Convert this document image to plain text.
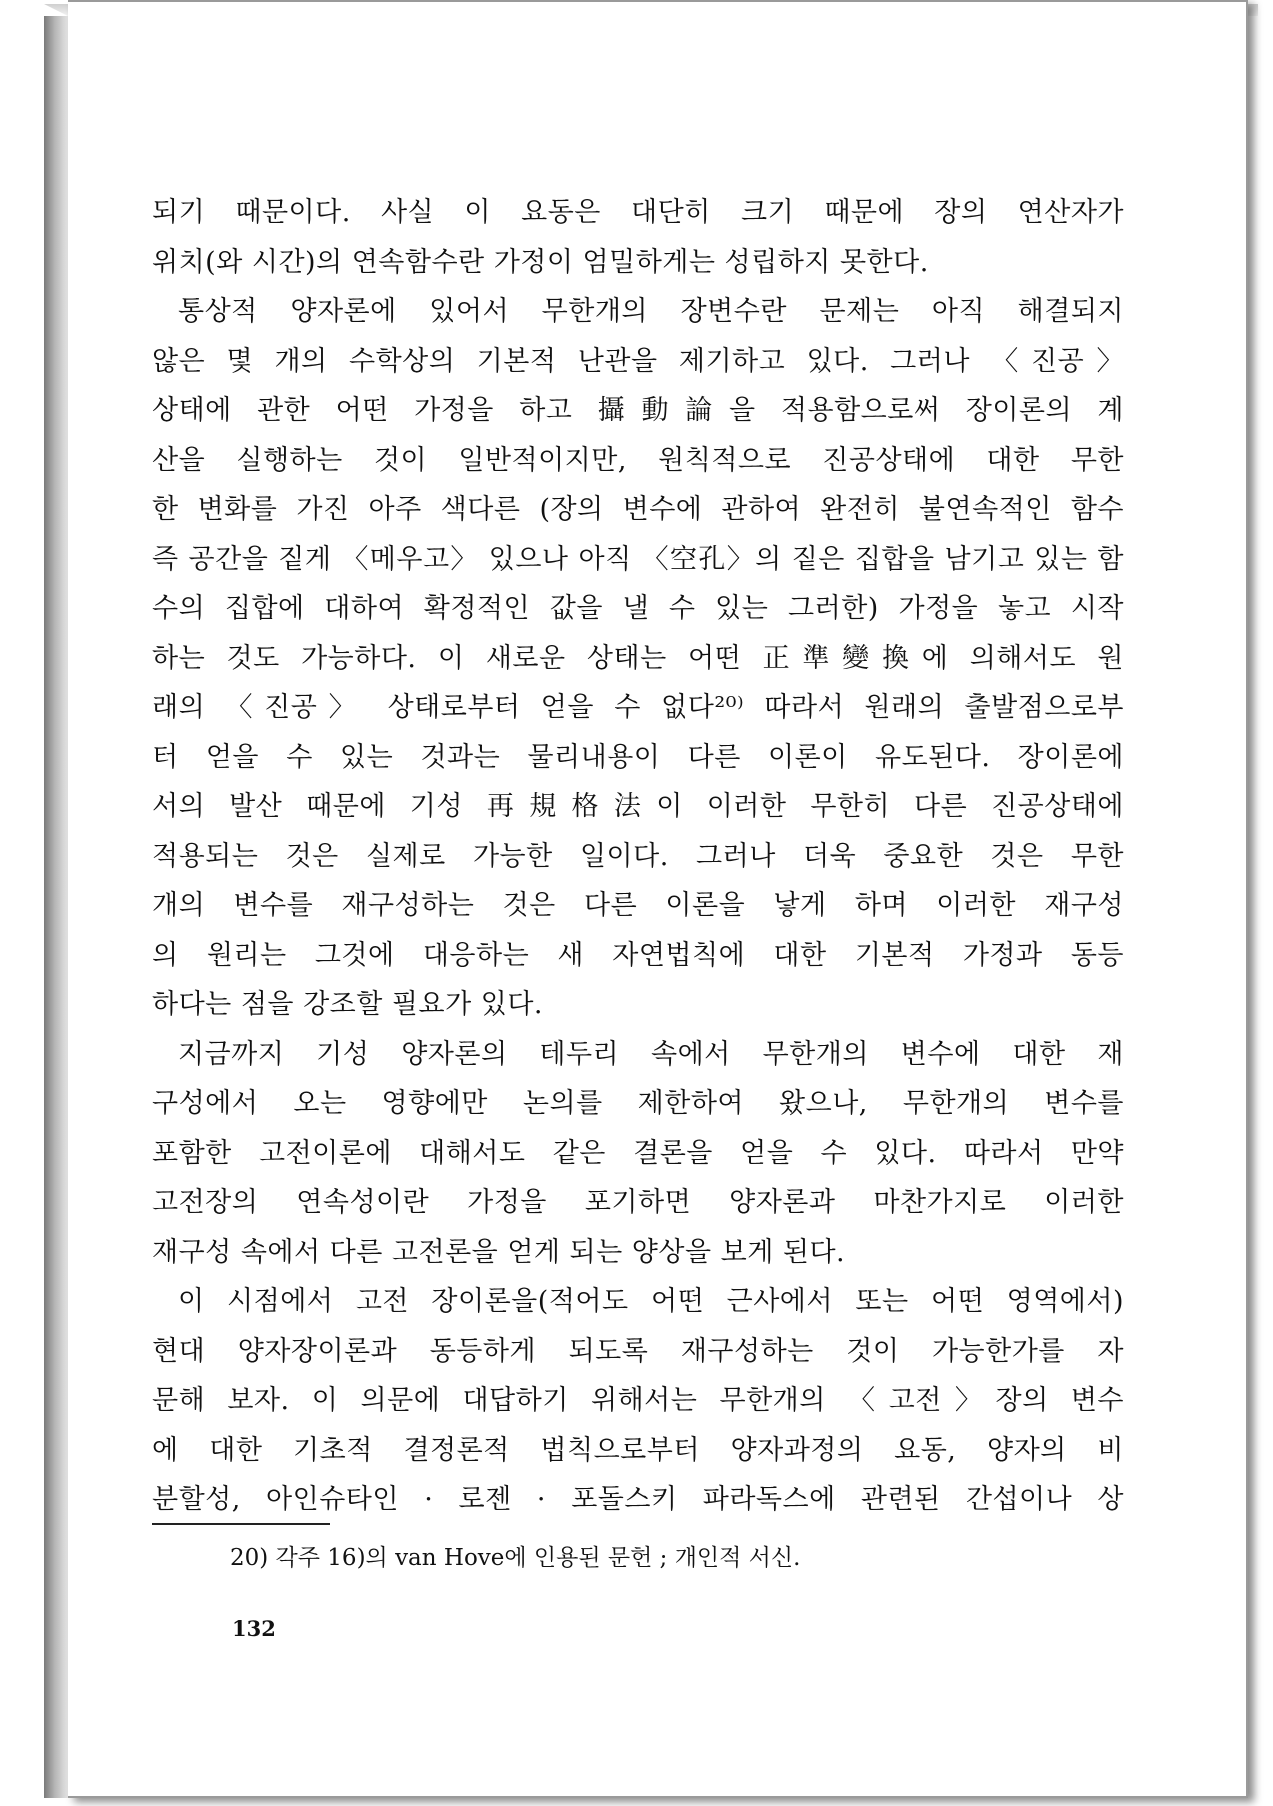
되기 때문이다. 사실 이 요동은 대단히 크기 때문에 장의 연산자가
위치(와 시간)의 연속함수란 가정이 엄밀하게는 성립하지 못한다.
통상적 양자론에 있어서 무한개의 장변수란 문제는 아직 해결되지
않은 몇 개의 수학상의 기본적 난관을 제기하고 있다. 그러나 〈진공〉
상태에 관한 어떤 가정을 하고 攝動論을 적용함으로써 장이론의 계
산을 실행하는 것이 일반적이지만, 원칙적으로 진공상태에 대한 무한
한 변화를 가진 아주 색다른 (장의 변수에 관하여 완전히 불연속적인 함수
즉 공간을 짙게 〈메우고〉 있으나 아직 〈空孔〉의 짙은 집합을 남기고 있는 함
수의 집합에 대하여 확정적인 값을 낼 수 있는 그러한) 가정을 놓고 시작
하는 것도 가능하다. 이 새로운 상태는 어떤 正準變換에 의해서도 원
래의 〈진공〉 상태로부터 얻을 수 없다²⁰⁾ 따라서 원래의 출발점으로부
터 얻을 수 있는 것과는 물리내용이 다른 이론이 유도된다. 장이론에
서의 발산 때문에 기성 再規格法이 이러한 무한히 다른 진공상태에
적용되는 것은 실제로 가능한 일이다. 그러나 더욱 중요한 것은 무한
개의 변수를 재구성하는 것은 다른 이론을 낳게 하며 이러한 재구성
의 원리는 그것에 대응하는 새 자연법칙에 대한 기본적 가정과 동등
하다는 점을 강조할 필요가 있다.
지금까지 기성 양자론의 테두리 속에서 무한개의 변수에 대한 재
구성에서 오는 영향에만 논의를 제한하여 왔으나, 무한개의 변수를
포함한 고전이론에 대해서도 같은 결론을 얻을 수 있다. 따라서 만약
고전장의 연속성이란 가정을 포기하면 양자론과 마찬가지로 이러한
재구성 속에서 다른 고전론을 얻게 되는 양상을 보게 된다.
이 시점에서 고전 장이론을(적어도 어떤 근사에서 또는 어떤 영역에서)
현대 양자장이론과 동등하게 되도록 재구성하는 것이 가능한가를 자
문해 보자. 이 의문에 대답하기 위해서는 무한개의 〈고전〉장의 변수
에 대한 기초적 결정론적 법칙으로부터 양자과정의 요동, 양자의 비
분할성, 아인슈타인 · 로젠 · 포돌스키 파라독스에 관련된 간섭이나 상
20) 각주 16)의 van Hove에 인용된 문헌 ; 개인적 서신.
132
